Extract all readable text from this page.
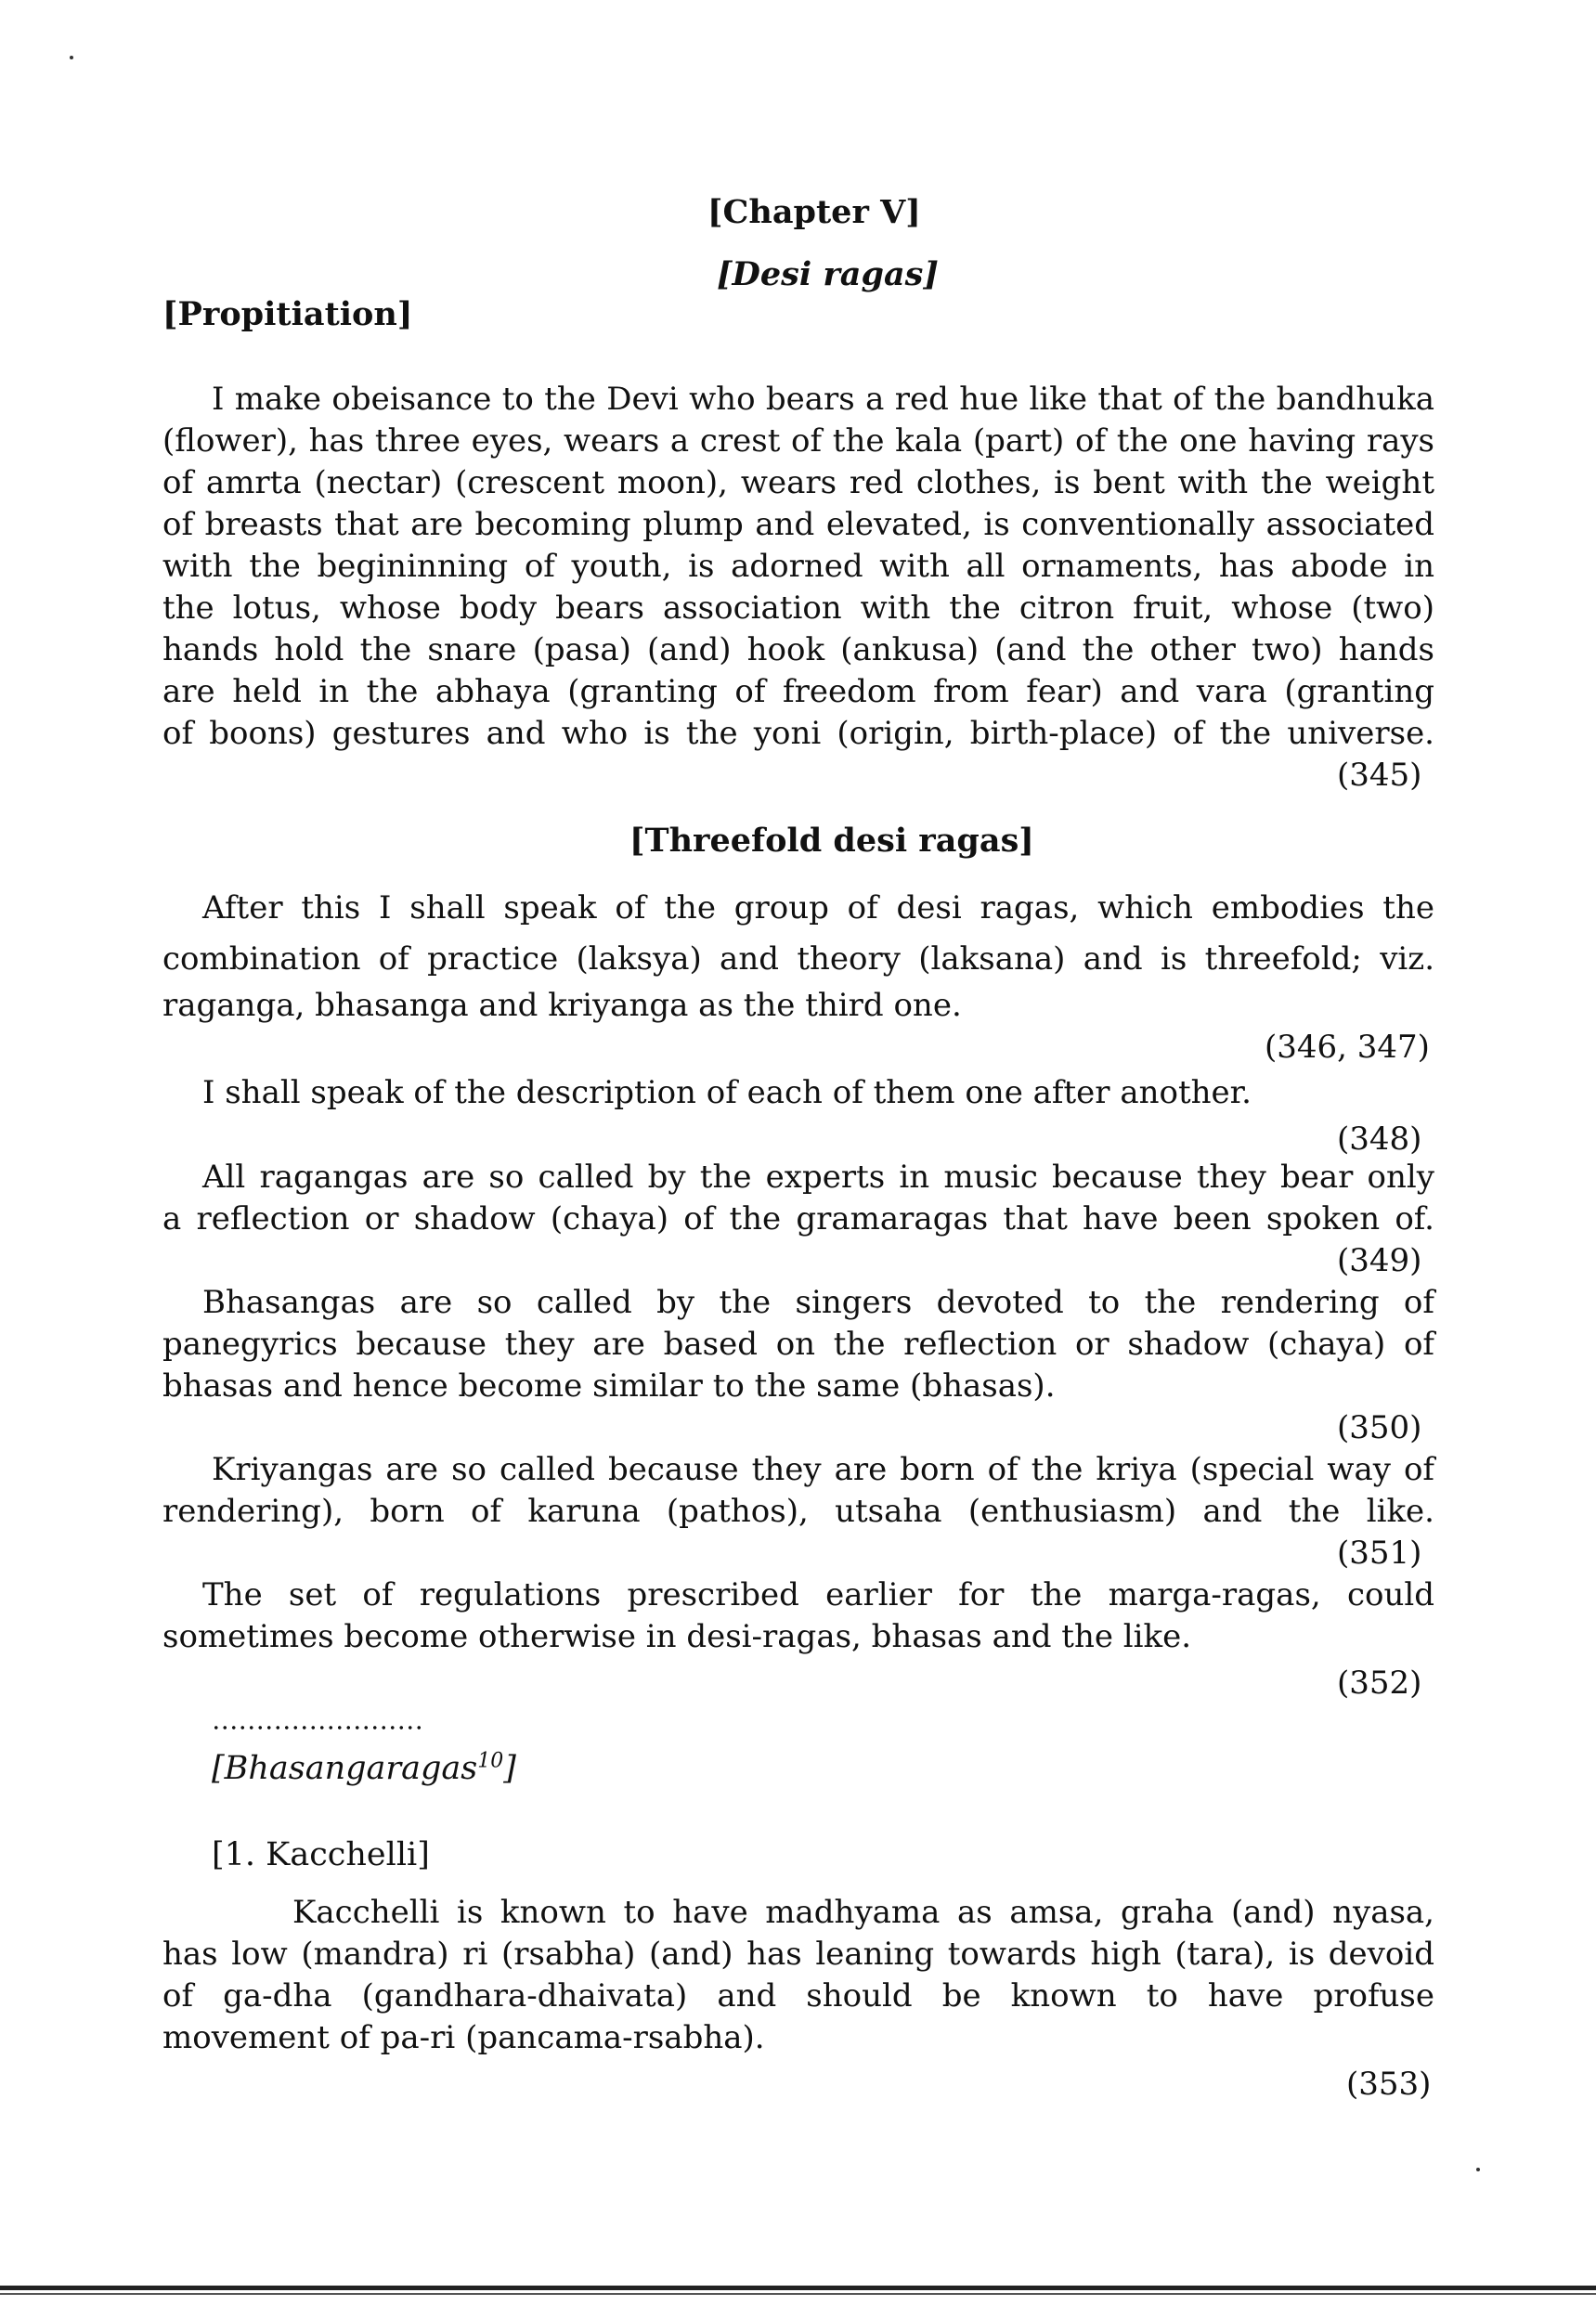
[Chapter V]
[Desi ragas]
[Propitiation]
I make obeisance to the Devi who bears a red hue like that of the bandhuka
(flower), has three eyes, wears a crest of the kala (part) of the one having rays
of amrta (nectar) (crescent moon), wears red clothes, is bent with the weight
of breasts that are becoming plump and elevated, is conventionally associated
with the begininning of youth, is adorned with all ornaments, has abode in
the lotus, whose body bears association with the citron fruit, whose (two)
hands hold the snare (pasa) (and) hook (ankusa) (and the other two) hands
are held in the abhaya (granting of freedom from fear) and vara (granting
of boons) gestures and who is the yoni (origin, birth-place) of the universe.
(345)
[Threefold desi ragas]
After this I shall speak of the group of desi ragas, which embodies the
combination of practice (laksya) and theory (laksana) and is threefold; viz.
raganga, bhasanga and kriyanga as the third one.
(346, 347)
I shall speak of the description of each of them one after another.
(348)
All ragangas are so called by the experts in music because they bear only
a reflection or shadow (chaya) of the gramaragas that have been spoken of.
(349)
Bhasangas are so called by the singers devoted to the rendering of
panegyrics because they are based on the reflection or shadow (chaya) of
bhasas and hence become similar to the same (bhasas).
(350)
Kriyangas are so called because they are born of the kriya (special way of
rendering), born of karuna (pathos), utsaha (enthusiasm) and the like.
(351)
The set of regulations prescribed earlier for the marga-ragas, could
sometimes become otherwise in desi-ragas, bhasas and the like.
(352)
[Bhasangaragas$^{10}$]
[1. Kacchelli]
Kacchelli is known to have madhyama as amsa, graha (and) nyasa,
has low (mandra) ri (rsabha) (and) has leaning towards high (tara), is devoid
of ga-dha (gandhara-dhaivata) and should be known to have profuse
movement of pa-ri (pancama-rsabha).
(353)
